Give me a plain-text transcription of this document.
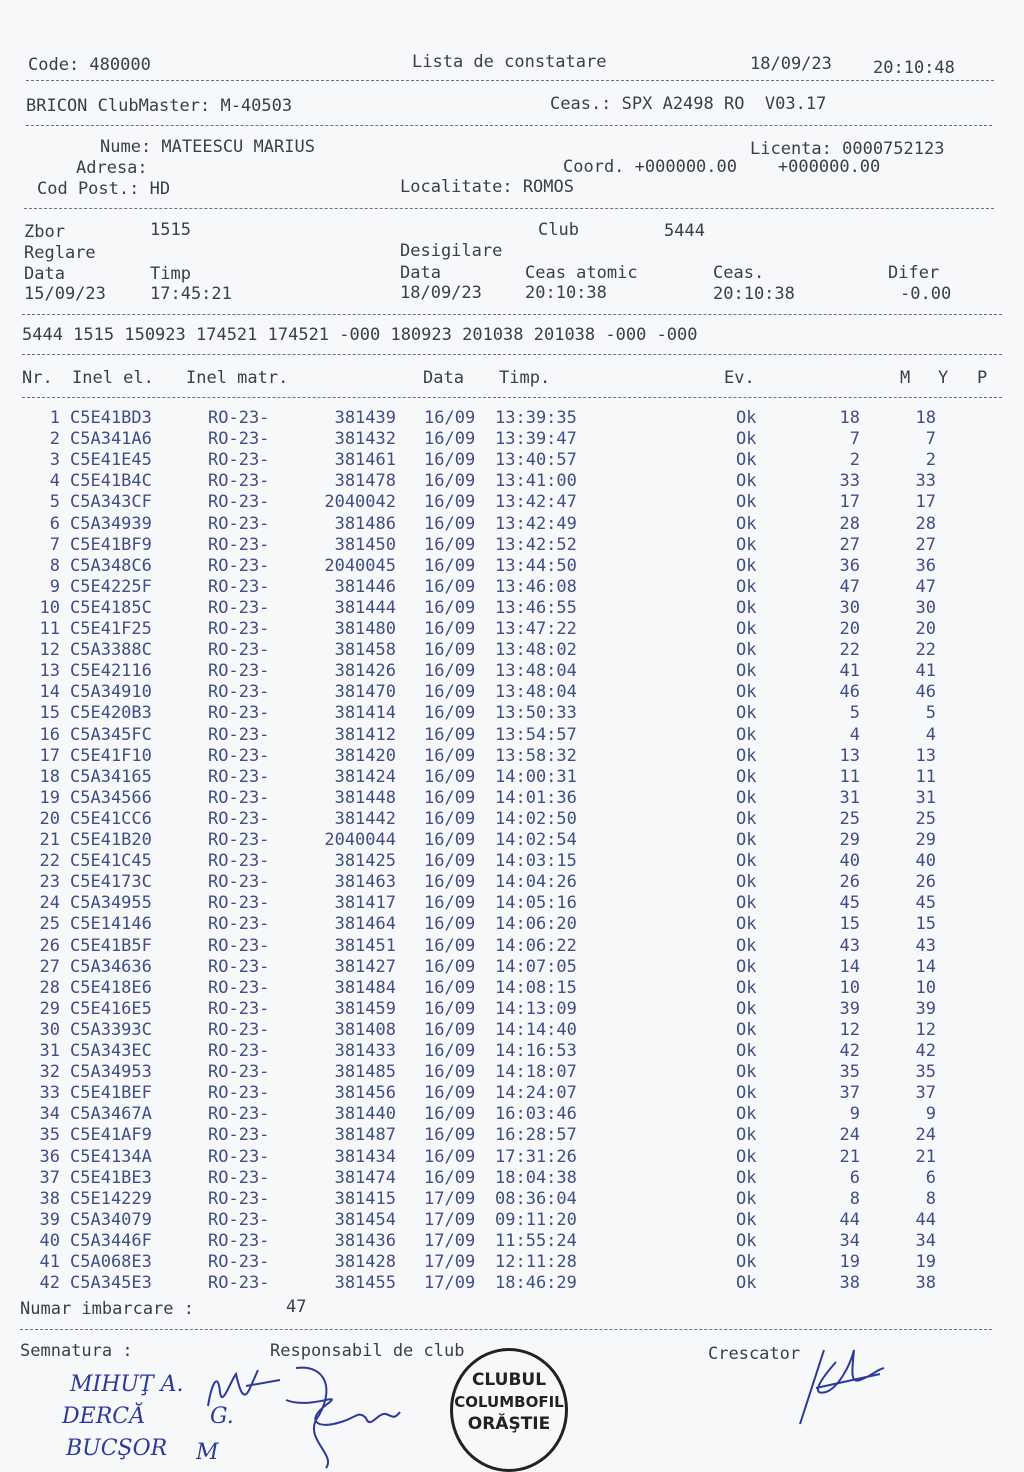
Code: 480000	Lista de constatare	18/09/23 20:10:48
BRICON ClubMaster: M-40503	Ceas.: SPX A2498 RO  V03.17
Nume: MATEESCU MARIUS	Licenta: 0000752123
Adresa:	Coord. +000000.00    +000000.00
Cod Post.: HD	Localitate: ROMOS
Zbor	1515	Club	5444
Reglare	Desigilare
Data	Timp	Data	Ceas atomic	Ceas.	Difer
15/09/23	17:45:21	18/09/23	20:10:38	20:10:38	-0.00
5444 1515 150923 174521 174521 -000 180923 201038 201038 -000 -000
Nr. Inel el. Inel matr.	Data Timp.	Ev.	M Y P
1 C5E41BD3	RO-23-	381439 16/09 13:39:35	Ok	18	18
2 C5A341A6	RO-23-	381432 16/09 13:39:47	Ok	7	7
3 C5E41E45	RO-23-	381461 16/09 13:40:57	Ok	2	2
4 C5E41B4C	RO-23-	381478 16/09 13:41:00	Ok	33	33
5 C5A343CF	RO-23-	2040042 16/09 13:42:47	Ok	17	17
6 C5A34939	RO-23-	381486 16/09 13:42:49	Ok	28	28
7 C5E41BF9	RO-23-	381450 16/09 13:42:52	Ok	27	27
8 C5A348C6	RO-23-	2040045 16/09 13:44:50	Ok	36	36
9 C5E4225F	RO-23-	381446 16/09 13:46:08	Ok	47	47
10 C5E4185C	RO-23-	381444 16/09 13:46:55	Ok	30	30
11 C5E41F25	RO-23-	381480 16/09 13:47:22	Ok	20	20
12 C5A3388C	RO-23-	381458 16/09 13:48:02	Ok	22	22
13 C5E42116	RO-23-	381426 16/09 13:48:04	Ok	41	41
14 C5A34910	RO-23-	381470 16/09 13:48:04	Ok	46	46
15 C5E420B3	RO-23-	381414 16/09 13:50:33	Ok	5	5
16 C5A345FC	RO-23-	381412 16/09 13:54:57	Ok	4	4
17 C5E41F10	RO-23-	381420 16/09 13:58:32	Ok	13	13
18 C5A34165	RO-23-	381424 16/09 14:00:31	Ok	11	11
19 C5A34566	RO-23-	381448 16/09 14:01:36	Ok	31	31
20 C5E41CC6	RO-23-	381442 16/09 14:02:50	Ok	25	25
21 C5E41B20	RO-23-	2040044 16/09 14:02:54	Ok	29	29
22 C5E41C45	RO-23-	381425 16/09 14:03:15	Ok	40	40
23 C5E4173C	RO-23-	381463 16/09 14:04:26	Ok	26	26
24 C5A34955	RO-23-	381417 16/09 14:05:16	Ok	45	45
25 C5E14146	RO-23-	381464 16/09 14:06:20	Ok	15	15
26 C5E41B5F	RO-23-	381451 16/09 14:06:22	Ok	43	43
27 C5A34636	RO-23-	381427 16/09 14:07:05	Ok	14	14
28 C5E418E6	RO-23-	381484 16/09 14:08:15	Ok	10	10
29 C5E416E5	RO-23-	381459 16/09 14:13:09	Ok	39	39
30 C5A3393C	RO-23-	381408 16/09 14:14:40	Ok	12	12
31 C5A343EC	RO-23-	381433 16/09 14:16:53	Ok	42	42
32 C5A34953	RO-23-	381485 16/09 14:18:07	Ok	35	35
33 C5E41BEF	RO-23-	381456 16/09 14:24:07	Ok	37	37
34 C5A3467A	RO-23-	381440 16/09 16:03:46	Ok	9	9
35 C5E41AF9	RO-23-	381487 16/09 16:28:57	Ok	24	24
36 C5E4134A	RO-23-	381434 16/09 17:31:26	Ok	21	21
37 C5E41BE3	RO-23-	381474 16/09 18:04:38	Ok	6	6
38 C5E14229	RO-23-	381415 17/09 08:36:04	Ok	8	8
39 C5A34079	RO-23-	381454 17/09 09:11:20	Ok	44	44
40 C5A3446F	RO-23-	381436 17/09 11:55:24	Ok	34	34
41 C5A068E3	RO-23-	381428 17/09 12:11:28	Ok	19	19
42 C5A345E3	RO-23-	381455 17/09 18:46:29	Ok	38	38
Numar imbarcare :	47
Semnatura :	Responsabil de club	Crescator
MIHUŢ A.
DERCĂ	G.
BUCŞOR M
CLUBUL
COLUMBOFIL
ORĂŞTIE
